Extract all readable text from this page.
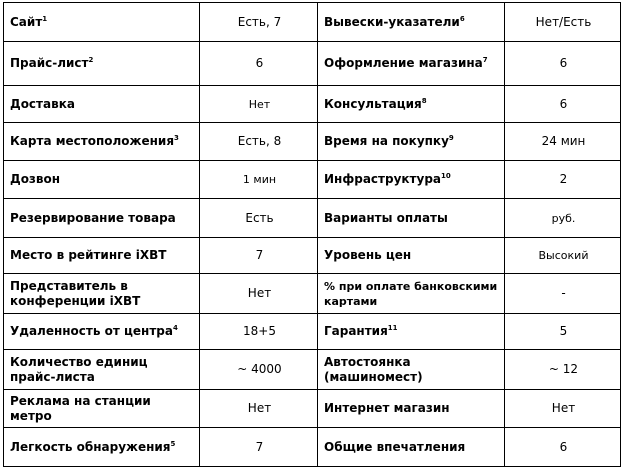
Сайт$^1$	Есть, 7	Вывески-указатели$^6$	Нет/Есть
Прайс-лист$^2$	6	Оформление магазина$^7$	6
Доставка	Нет	Консультация$^8$	6
Карта местоположения$^3$	Есть, 8	Время на покупку$^9$	24 мин
Дозвон	1 мин	Инфраструктура$^{10}$	2
Резервирование товара	Есть	Варианты оплаты	руб.
Место в рейтинге iXBT	7	Уровень цен	Высокий
Представитель в конференции iXBT	Нет	% при оплате банковскими картами	-
Удаленность от центра$^4$	18+5	Гарантия$^{11}$	5
Количество единиц прайс-листа	~ 4000	Автостоянка (машиномест)	~ 12
Реклама на станции метро	Нет	Интернет магазин	Нет
Легкость обнаружения$^5$	7	Общие впечатления	6
